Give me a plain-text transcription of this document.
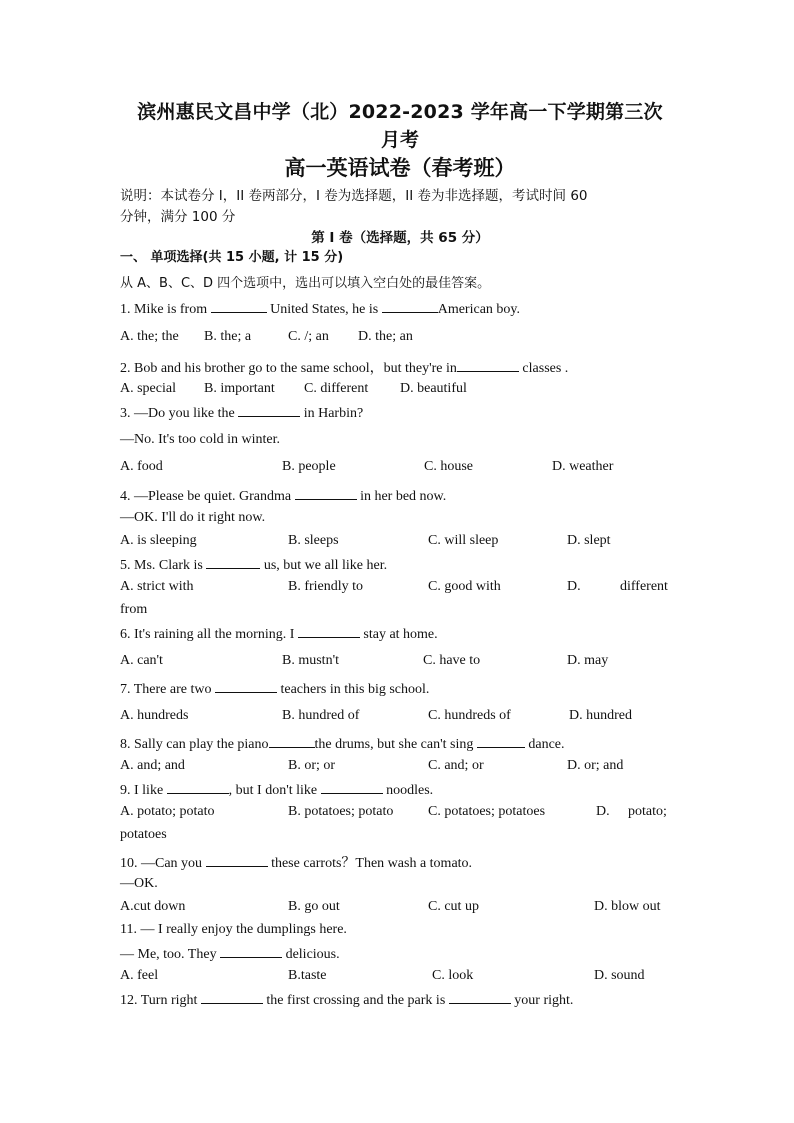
滨州惠民文昌中学（北）2022-2023 学年高一下学期第三次
月考
高一英语试卷（春考班）
说明：本试卷分 I，II 卷两部分，I 卷为选择题，II 卷为非选择题，考试时间 60
分钟，满分 100 分
第 I 卷（选择题，共 65 分）
一、 单项选择(共 15 小题, 计 15 分)
从 A、B、C、D 四个选项中，选出可以填入空白处的最佳答案。
1. Mike is from	United States, he is	American boy.
A. the; the B. the; a	C. /; an D. the; an
2. Bob and his brother go to the same school，but they're in	classes .
A. special B. important C. different D. beautiful
3. —Do you like the	in Harbin?
—No. It's too cold in winter.
A. food	B. people	C. house	D. weather
4. —Please be quiet. Grandma	in her bed now.
—OK. I'll do it right now.
A. is sleeping	B. sleeps	C. will sleep	D. slept
5. Ms. Clark is	us, but we all like her.
A. strict with	B. friendly to	C. good with	D.	different
from
6. It's raining all the morning. I	stay at home.
A. can't	B. mustn't	C. have to	D. may
7. There are two	teachers in this big school.
A. hundreds	B. hundred of	C. hundreds of	D. hundred
8. Sally can play the piano	the drums, but she can't sing	dance.
A. and; and	B. or; or	C. and; or	D. or; and
9. I like	, but I don't like	noodles.
A. potato; potato	B. potatoes; potato C. potatoes; potatoes	D. potato;
potatoes
10. —Can you	these carrots？Then wash a tomato.
—OK.
A.cut down	B. go out	C. cut up	D. blow out
11. — I really enjoy the dumplings here.
— Me, too. They	delicious.
A. feel	B.taste	C. look	D. sound
12. Turn right	the first crossing and the park is	your right.
